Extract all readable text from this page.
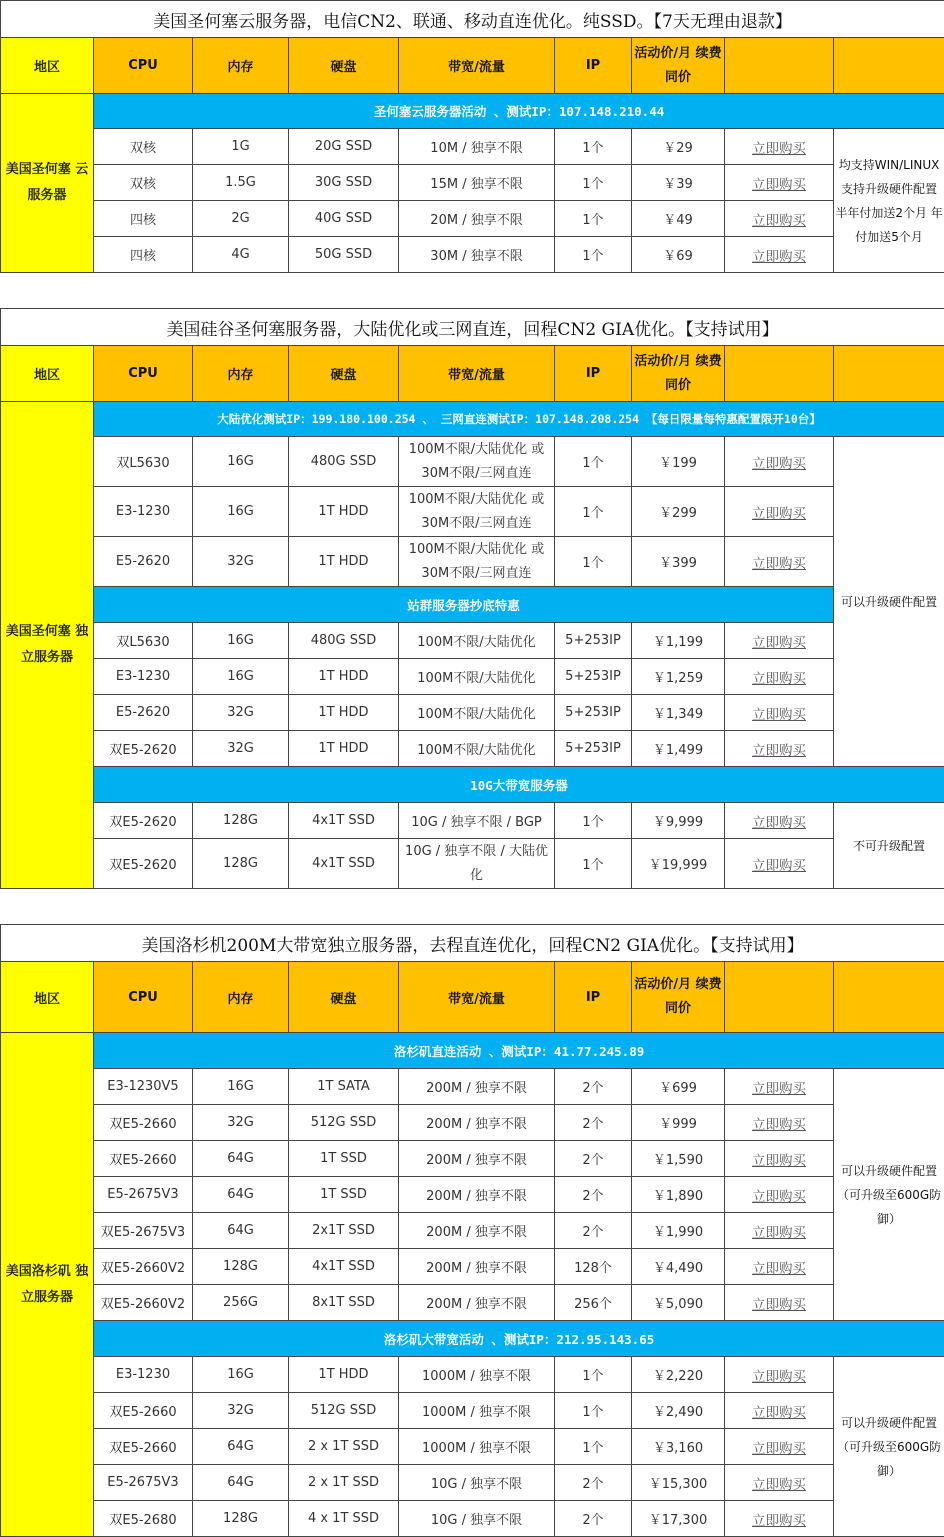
美国圣何塞云服务器，电信CN2、联通、移动直连优化。纯SSD。【7天无理由退款】								
地区	CPU	内存	硬盘	带宽/流量	IP	活动价/月 续费同价		
美国圣何塞 云服务器	圣何塞云服务器活动 、测试IP：107.148.210.44							
	双核	1G	20G SSD	10M / 独享不限	1个	￥29	立即购买	均支持WIN/LINUX 支持升级硬件配置 半年付加送2个月 年付加送5个月
	双核	1.5G	30G SSD	15M / 独享不限	1个	￥39	立即购买	
	四核	2G	40G SSD	20M / 独享不限	1个	￥49	立即购买	
	四核	4G	50G SSD	30M / 独享不限	1个	￥69	立即购买	
美国硅谷圣何塞服务器，大陆优化或三网直连，回程CN2 GIA优化。【支持试用】								
地区	CPU	内存	硬盘	带宽/流量	IP	活动价/月 续费同价		
美国圣何塞 独立服务器	大陆优化测试IP：199.180.100.254 、 三网直连测试IP：107.148.208.254 【每日限量每特惠配置限开10台】							
	双L5630	16G	480G SSD	100M不限/大陆优化 或 30M不限/三网直连	1个	￥199	立即购买	可以升级硬件配置
	E3-1230	16G	1T HDD	100M不限/大陆优化 或 30M不限/三网直连	1个	￥299	立即购买	
	E5-2620	32G	1T HDD	100M不限/大陆优化 或 30M不限/三网直连	1个	￥399	立即购买	
	站群服务器抄底特惠							
	双L5630	16G	480G SSD	100M不限/大陆优化	5+253IP	￥1,199	立即购买	
	E3-1230	16G	1T HDD	100M不限/大陆优化	5+253IP	￥1,259	立即购买	
	E5-2620	32G	1T HDD	100M不限/大陆优化	5+253IP	￥1,349	立即购买	
	双E5-2620	32G	1T HDD	100M不限/大陆优化	5+253IP	￥1,499	立即购买	
	10G大带宽服务器							
	双E5-2620	128G	4x1T SSD	10G / 独享不限 / BGP	1个	￥9,999	立即购买	不可升级配置
	双E5-2620	128G	4x1T SSD	10G / 独享不限 / 大陆优化	1个	￥19,999	立即购买	
美国洛杉机200M大带宽独立服务器，去程直连优化，回程CN2 GIA优化。【支持试用】								
地区	CPU	内存	硬盘	带宽/流量	IP	活动价/月 续费同价		
美国洛杉矶 独立服务器	洛杉矶直连活动 、测试IP：41.77.245.89							
	E3-1230V5	16G	1T SATA	200M / 独享不限	2个	￥699	立即购买	可以升级硬件配置 （可升级至600G防御）
	双E5-2660	32G	512G SSD	200M / 独享不限	2个	￥999	立即购买	
	双E5-2660	64G	1T SSD	200M / 独享不限	2个	￥1,590	立即购买	
	E5-2675V3	64G	1T SSD	200M / 独享不限	2个	￥1,890	立即购买	
	双E5-2675V3	64G	2x1T SSD	200M / 独享不限	2个	￥1,990	立即购买	
	双E5-2660V2	128G	4x1T SSD	200M / 独享不限	128个	￥4,490	立即购买	
	双E5-2660V2	256G	8x1T SSD	200M / 独享不限	256个	￥5,090	立即购买	
	洛杉矶大带宽活动 、测试IP：212.95.143.65							
	E3-1230	16G	1T HDD	1000M / 独享不限	1个	￥2,220	立即购买	可以升级硬件配置 （可升级至600G防御）
	双E5-2660	32G	512G SSD	1000M / 独享不限	1个	￥2,490	立即购买	
	双E5-2660	64G	2 x 1T SSD	1000M / 独享不限	1个	￥3,160	立即购买	
	E5-2675V3	64G	2 x 1T SSD	10G / 独享不限	2个	￥15,300	立即购买	
	双E5-2680	128G	4 x 1T SSD	10G / 独享不限	2个	￥17,300	立即购买	
